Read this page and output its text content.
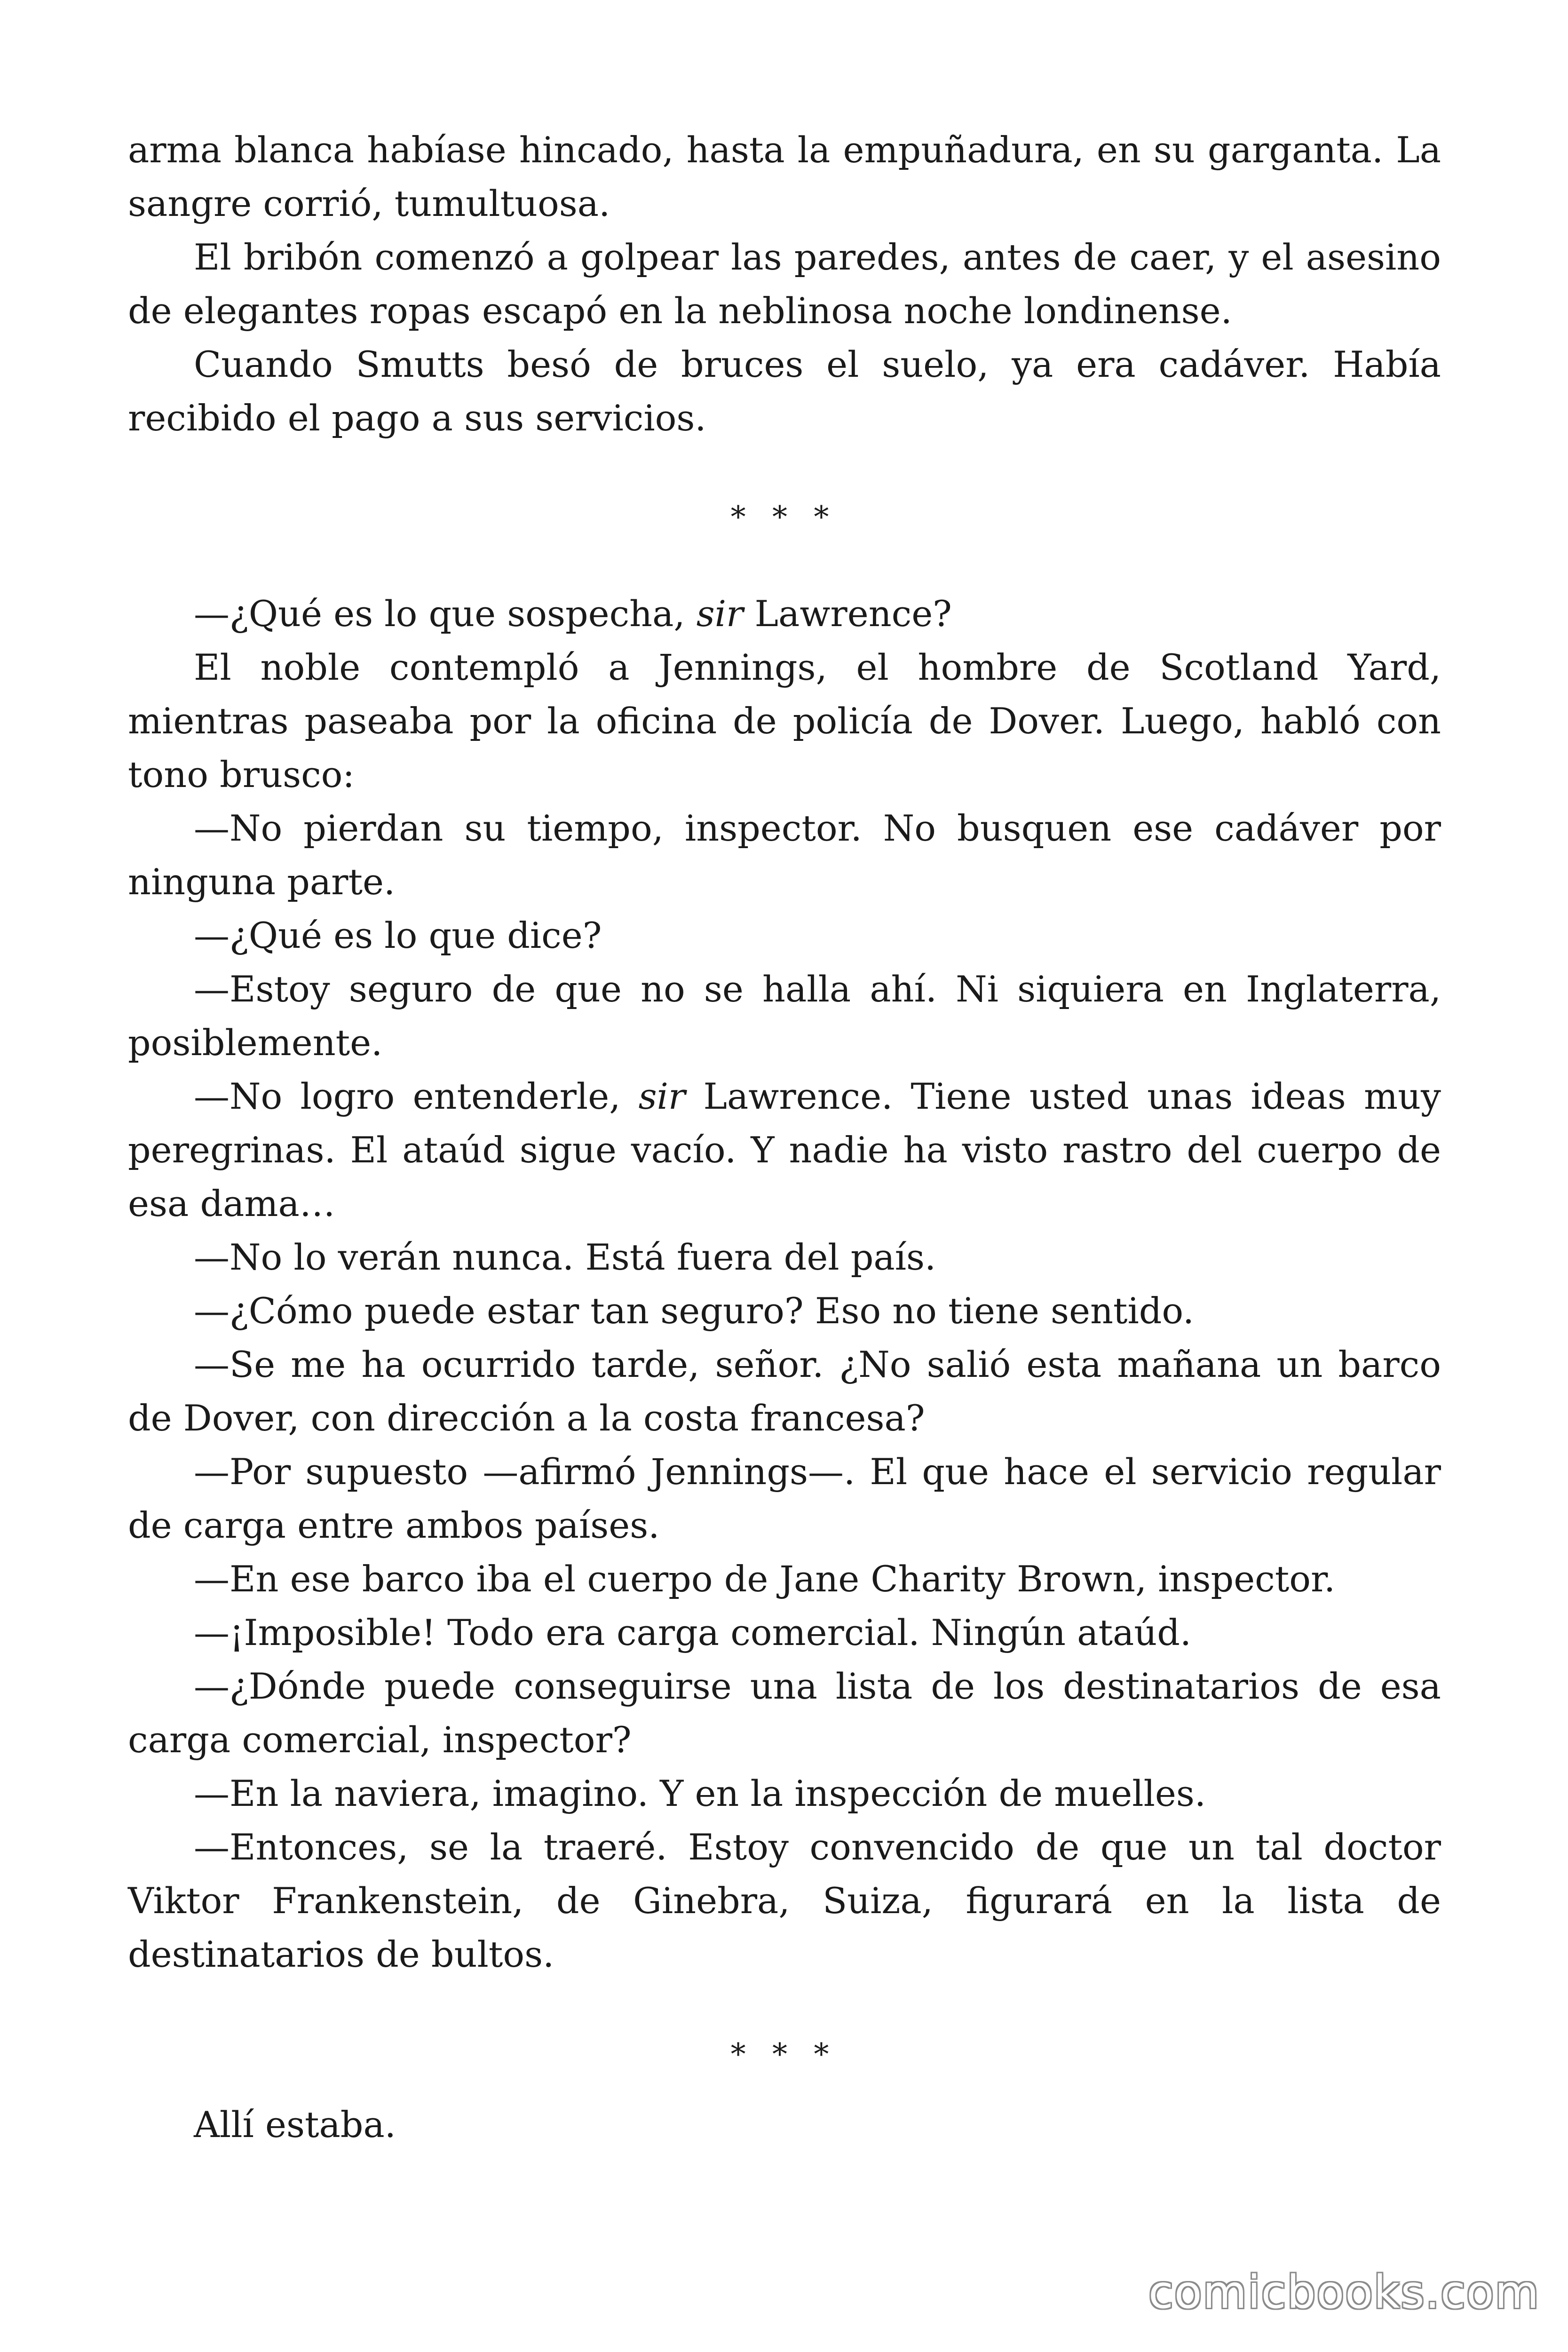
arma blanca habíase hincado, hasta la empuñadura, en su garganta. La sangre corrió, tumultuosa.

El bribón comenzó a golpear las paredes, antes de caer, y el asesino de elegantes ropas escapó en la neblinosa noche londinense.

Cuando Smutts besó de bruces el suelo, ya era cadáver. Había recibido el pago a sus servicios.

* * *

—¿Qué es lo que sospecha, sir Lawrence?

El noble contempló a Jennings, el hombre de Scotland Yard, mientras paseaba por la oficina de policía de Dover. Luego, habló con tono brusco:

—No pierdan su tiempo, inspector. No busquen ese cadáver por ninguna parte.

—¿Qué es lo que dice?

—Estoy seguro de que no se halla ahí. Ni siquiera en Inglaterra, posiblemente.

—No logro entenderle, sir Lawrence. Tiene usted unas ideas muy peregrinas. El ataúd sigue vacío. Y nadie ha visto rastro del cuerpo de esa dama…

—No lo verán nunca. Está fuera del país.

—¿Cómo puede estar tan seguro? Eso no tiene sentido.

—Se me ha ocurrido tarde, señor. ¿No salió esta mañana un barco de Dover, con dirección a la costa francesa?

—Por supuesto —afirmó Jennings—. El que hace el servicio regular de carga entre ambos países.

—En ese barco iba el cuerpo de Jane Charity Brown, inspector.

—¡Imposible! Todo era carga comercial. Ningún ataúd.

—¿Dónde puede conseguirse una lista de los destinatarios de esa carga comercial, inspector?

—En la naviera, imagino. Y en la inspección de muelles.

—Entonces, se la traeré. Estoy convencido de que un tal doctor Viktor Frankenstein, de Ginebra, Suiza, figurará en la lista de destinatarios de bultos.

* * *

Allí estaba.

comicbooks.com
